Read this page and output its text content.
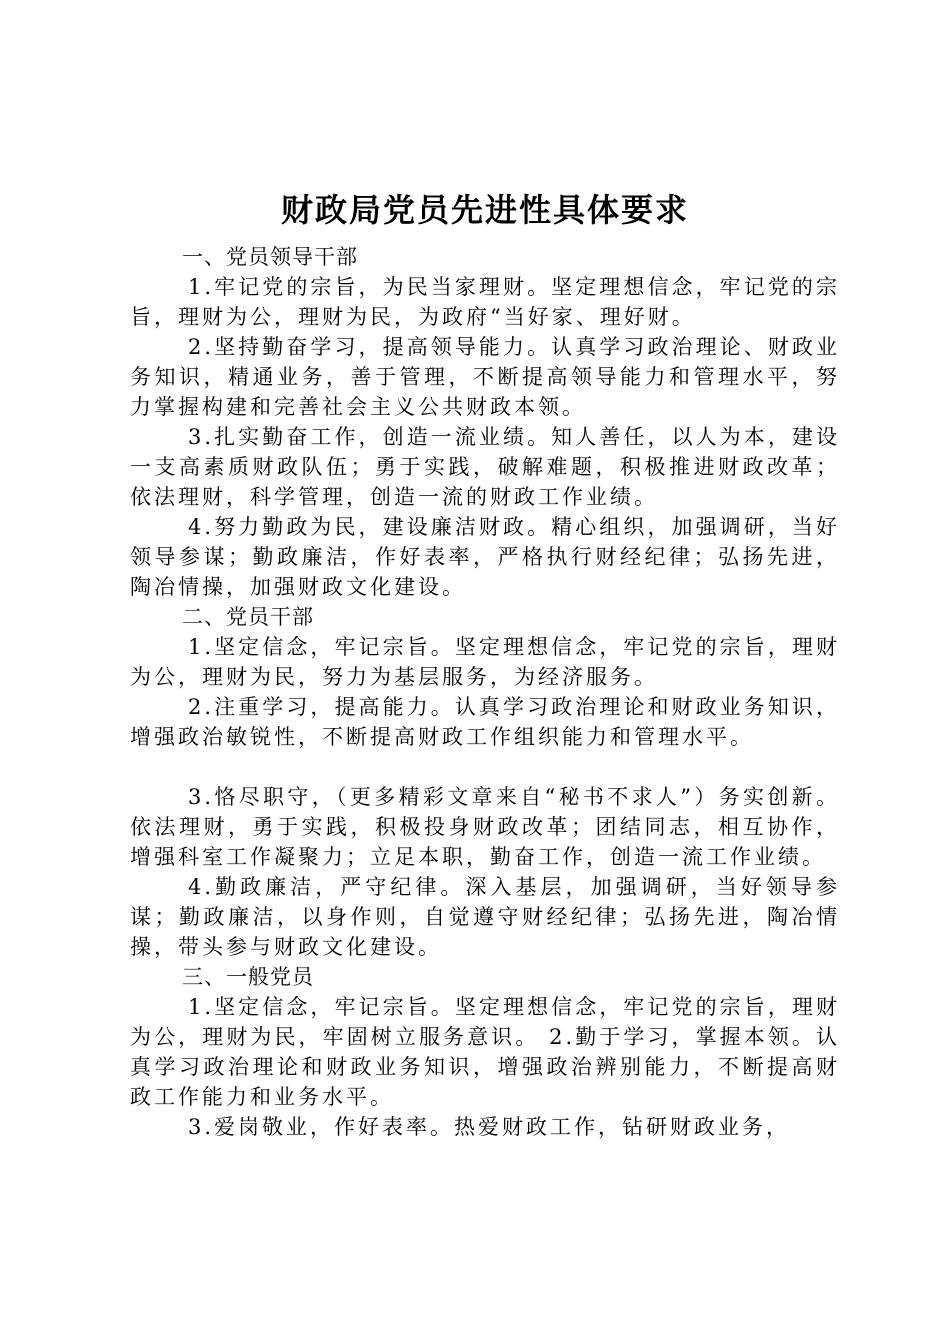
财政局党员先进性具体要求

一、党员领导干部

1.牢记党的宗旨，为民当家理财。坚定理想信念，牢记党的宗旨，理财为公，理财为民，为政府“当好家、理好财。

2.坚持勤奋学习，提高领导能力。认真学习政治理论、财政业务知识，精通业务，善于管理，不断提高领导能力和管理水平，努力掌握构建和完善社会主义公共财政本领。

3.扎实勤奋工作，创造一流业绩。知人善任，以人为本，建设一支高素质财政队伍；勇于实践，破解难题，积极推进财政改革；依法理财，科学管理，创造一流的财政工作业绩。

4.努力勤政为民，建设廉洁财政。精心组织，加强调研，当好领导参谋；勤政廉洁，作好表率，严格执行财经纪律；弘扬先进，陶冶情操，加强财政文化建设。

二、党员干部

1.坚定信念，牢记宗旨。坚定理想信念，牢记党的宗旨，理财为公，理财为民，努力为基层服务，为经济服务。

2.注重学习，提高能力。认真学习政治理论和财政业务知识，增强政治敏锐性，不断提高财政工作组织能力和管理水平。

3.恪尽职守，（更多精彩文章来自“秘书不求人”）务实创新。依法理财，勇于实践，积极投身财政改革；团结同志，相互协作，增强科室工作凝聚力；立足本职，勤奋工作，创造一流工作业绩。

4.勤政廉洁，严守纪律。深入基层，加强调研，当好领导参谋；勤政廉洁，以身作则，自觉遵守财经纪律；弘扬先进，陶冶情操，带头参与财政文化建设。

三、一般党员

1.坚定信念，牢记宗旨。坚定理想信念，牢记党的宗旨，理财为公，理财为民，牢固树立服务意识。 2.勤于学习，掌握本领。认真学习政治理论和财政业务知识，增强政治辨别能力，不断提高财政工作能力和业务水平。

3.爱岗敬业，作好表率。热爱财政工作，钻研财政业务，
